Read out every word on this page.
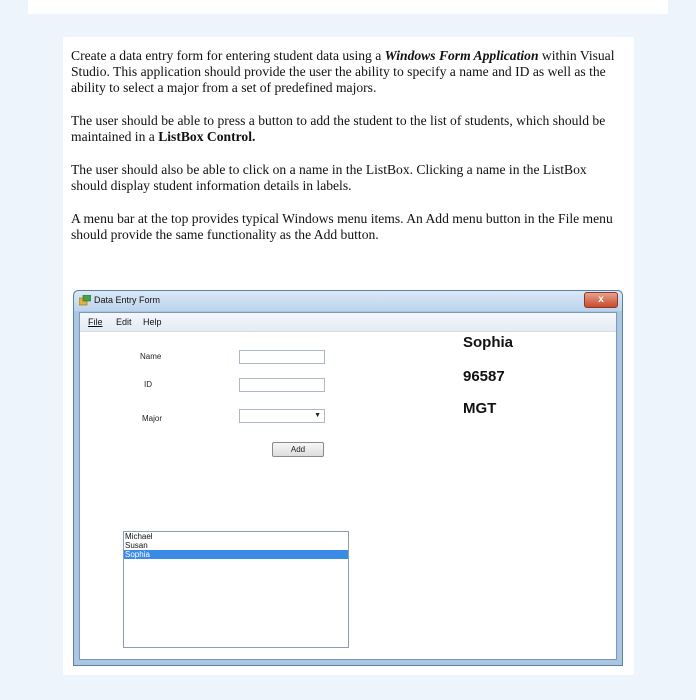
Create a data entry form for entering student data using a Windows Form Application within Visual Studio. This application should provide the user the ability to specify a name and ID as well as the ability to select a major from a set of predefined majors.

The user should be able to press a button to add the student to the list of students, which should be maintained in a ListBox Control.

The user should also be able to click on a name in the ListBox. Clicking a name in the ListBox should display student information details in labels.

A menu bar at the top provides typical Windows menu items. An Add menu button in the File menu should provide the same functionality as the Add button.

Data Entry Form	x
File Edit Help
Name
ID
Major	▼
Add
Sophia
96587
MGT
Michael
Susan
Sophia
